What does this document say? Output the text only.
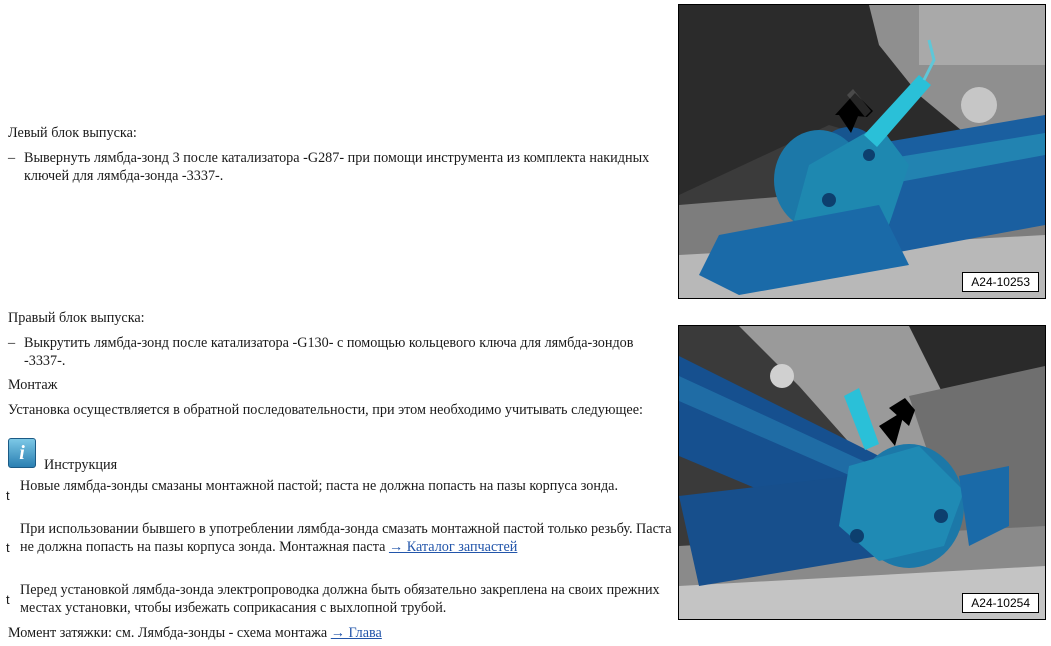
Левый блок выпуска:
– Вывернуть лямбда-зонд 3 после катализатора -G287- при помощи инструмента из комплекта накидных ключей для лямбда-зонда -3337-.
Правый блок выпуска:
– Выкрутить лямбда-зонд после катализатора -G130- с помощью кольцевого ключа для лямбда-зондов -3337-.
Монтаж
Установка осуществляется в обратной последовательности, при этом необходимо учитывать следующее:
i
Инструкция
t
Новые лямбда-зонды смазаны монтажной пастой; паста не должна попасть на пазы корпуса зонда.
t
При использовании бывшего в употреблении лямбда-зонда смазать монтажной пастой только резьбу. Паста не должна попасть на пазы корпуса зонда. Монтажная паста → Каталог запчастей
t
Перед установкой лямбда-зонда электропроводка должна быть обязательно закреплена на своих прежних местах установки, чтобы избежать соприкасания с выхлопной трубой.
Момент затяжки: см. Лямбда-зонды - схема монтажа → Глава
A24-10253
A24-10254
